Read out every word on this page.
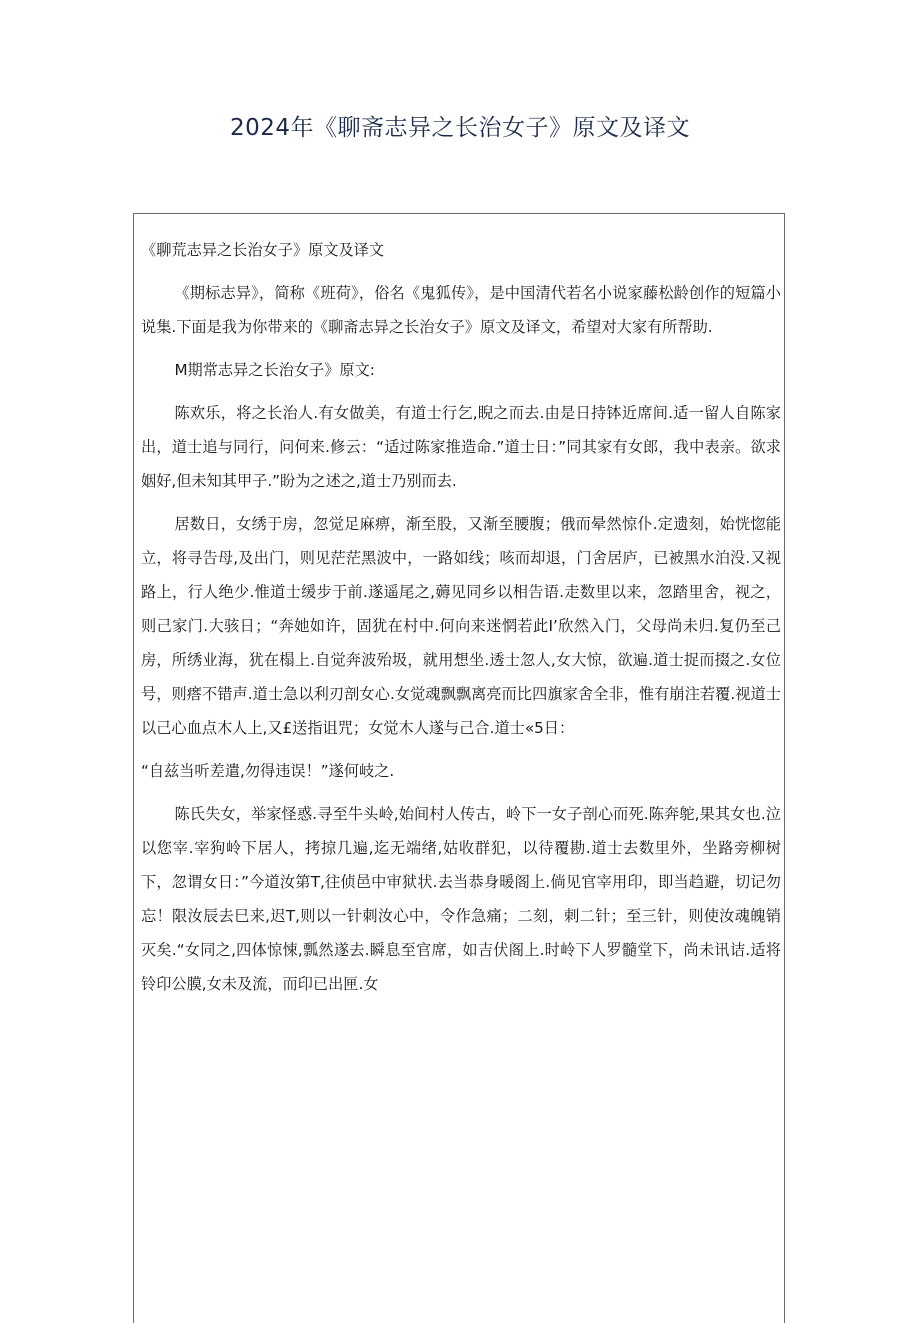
2024年《聊斋志异之长治女子》原文及译文

《聊荒志异之长治女子》原文及译文

《期标志异》，简称《班荷》，俗名《鬼狐传》，是中国清代若名小说家藤松龄创作的短篇小说集.下面是我为你带来的《聊斋志异之长治女子》原文及译文，希望对大家有所帮助.

M期常志异之长治女子》原文:

陈欢乐，将之长治人.有女做美，有道士行乞,睨之而去.由是日持钵近席间.适一留人自陈家出，道士追与同行，问何来.修云：“适过陈家推造命.”道士日：”同其家有女郎，我中表亲。欲求姻好,但未知其甲子.”盼为之述之,道士乃别而去.

居数日，女绣于房，忽觉足麻痹，渐至股，又渐至腰腹；俄而晕然惊仆.定遗刻，始恍惚能立，将寻告母,及出门，则见茫茫黑波中，一路如线；咳而却退，门舍居庐，已被黑水泊没.又视路上，行人绝少.惟道士缓步于前.遂遥尾之,薅见同乡以相告语.走数里以来，忽踏里舍，视之，则己家门.大骇日；“奔她如许，固犹在村中.何向来迷惘若此I’欣然入门，父母尚未归.复仍至己房，所绣业海，犹在榻上.自觉奔波殆圾，就用想坐.透士忽人,女大惊，欲遍.道士捉而掇之.女位号，则瘩不错声.道士急以利刃剖女心.女觉魂飘飘离亮而比四旗家舍全非，惟有崩注若覆.视道士以己心血点木人上,又£送指诅咒；女觉木人遂与己合.道士«5日：

“自兹当听差遣,勿得违误！”遂何岐之.

陈氏失女，举家怪惑.寻至牛头岭,始间村人传古，岭下一女子剖心而死.陈奔鸵,果其女也.泣以您宰.宰狗岭下居人，拷掠几遍,迄无端绪,姑收群犯，以待覆勘.道士去数里外，坐路旁柳树下，忽谓女日：”今道汝第T,往侦邑中审狱状.去当恭身暖阁上.倘见官宰用印，即当趋避，切记勿忘！限汝辰去巳来,迟T,则以一针刺汝心中，令作急痛；二刻，剌二针；至三针，则使汝魂魄销灭矣.“女同之,四体惊悚,瓢然遂去.瞬息至官席，如吉伏阁上.时岭下人罗髓堂下，尚未讯诘.适将铃印公膜,女未及流，而印已出匣.女
